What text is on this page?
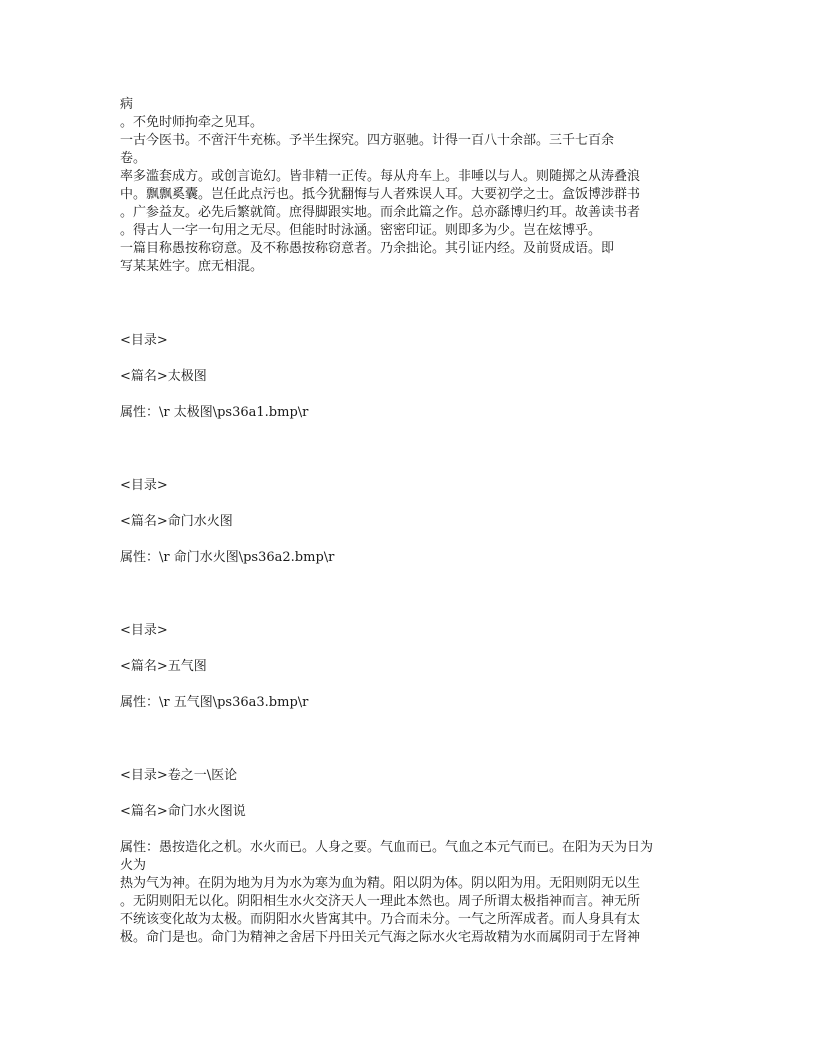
病
。不免时师拘牵之见耳。
一古今医书。不啻汗牛充栋。予半生探究。四方驱驰。计得一百八十余部。三千七百余
卷。
率多滥套成方。或创言诡幻。皆非精一正传。每从舟车上。非唾以与人。则随掷之从涛叠浪
中。飘飘奚囊。岂任此点污也。抵今犹翻悔与人者殊误人耳。大要初学之士。盒饭博涉群书
。广参益友。必先后繁就简。庶得脚跟实地。而余此篇之作。总亦繇博归约耳。故善读书者
。得古人一字一句用之无尽。但能时时泳涵。密密印证。则即多为少。岂在炫博乎。
一篇目称愚按称窃意。及不称愚按称窃意者。乃余拙论。其引证内经。及前贤成语。即
写某某姓字。庶无相混。

<目录>

<篇名>太极图

属性：\r 太极图\ps36a1.bmp\r

<目录>

<篇名>命门水火图

属性：\r 命门水火图\ps36a2.bmp\r

<目录>

<篇名>五气图

属性：\r 五气图\ps36a3.bmp\r

<目录>卷之一\医论

<篇名>命门水火图说

属性：愚按造化之机。水火而已。人身之要。气血而已。气血之本元气而已。在阳为天为日为
火为
热为气为神。在阴为地为月为水为寒为血为精。阳以阴为体。阴以阳为用。无阳则阴无以生
。无阴则阳无以化。阴阳相生水火交济天人一理此本然也。周子所谓太极指神而言。神无所
不统该变化故为太极。而阴阳水火皆寓其中。乃合而未分。一气之所浑成者。而人身具有太
极。命门是也。命门为精神之舍居下丹田关元气海之际水火宅焉故精为水而属阴司于左肾神
